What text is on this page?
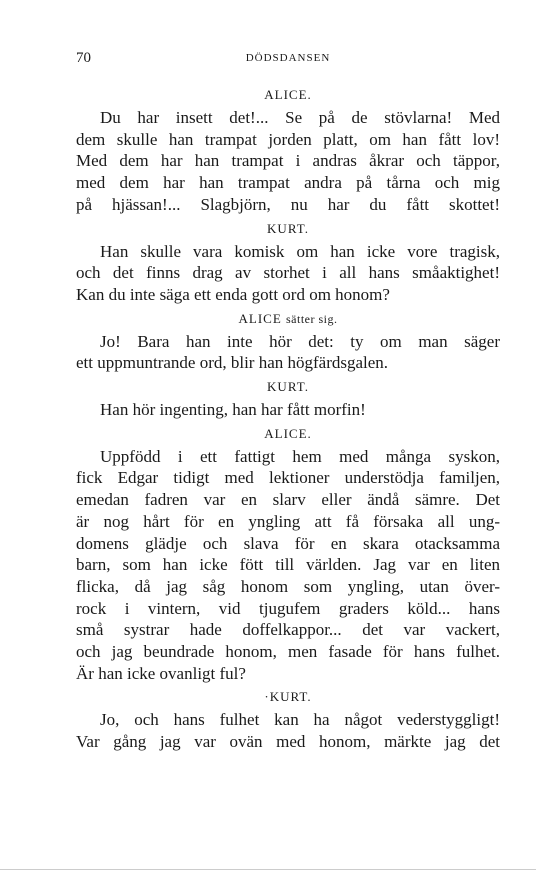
70	DÖDSDANSEN
ALICE.
Du har insett det!... Se på de stövlarna! Med
dem skulle han trampat jorden platt, om han fått lov!
Med dem har han trampat i andras åkrar och täppor,
med dem har han trampat andra på tårna och mig
på hjässan!... Slagbjörn, nu har du fått skottet!
KURT.
Han skulle vara komisk om han icke vore tragisk,
och det finns drag av storhet i all hans småaktighet!
Kan du inte säga ett enda gott ord om honom?
ALICE sätter sig.
Jo! Bara han inte hör det: ty om man säger
ett uppmuntrande ord, blir han högfärdsgalen.
KURT.
Han hör ingenting, han har fått morfin!
ALICE.
Uppfödd i ett fattigt hem med många syskon,
fick Edgar tidigt med lektioner understödja familjen,
emedan fadren var en slarv eller ändå sämre. Det
är nog hårt för en yngling att få försaka all ung-
domens glädje och slava för en skara otacksamma
barn, som han icke fött till världen. Jag var en liten
flicka, då jag såg honom som yngling, utan över-
rock i vintern, vid tjugufem graders köld... hans
små systrar hade doffelkappor... det var vackert,
och jag beundrade honom, men fasade för hans fulhet.
Är han icke ovanligt ful?
·KURT.
Jo, och hans fulhet kan ha något vederstyggligt!
Var gång jag var ovän med honom, märkte jag det
